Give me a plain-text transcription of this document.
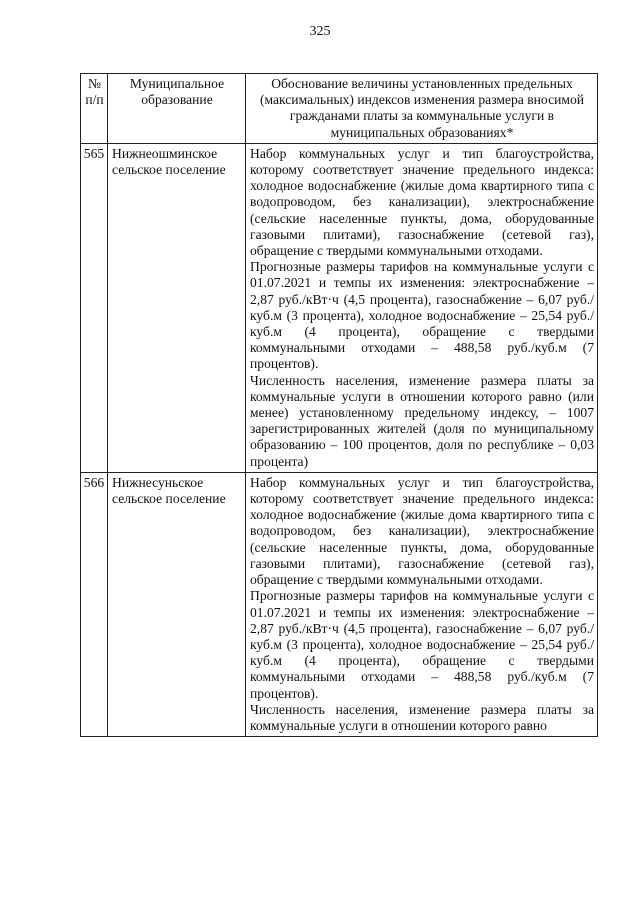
325
№ п/п	Муниципальное образование	Обоснование величины установленных предельных (максимальных) индексов изменения размера вносимой гражданами платы за коммунальные услуги в муниципальных образованиях*
565	Нижнеошминское сельское поселение	Набор коммунальных услуг и тип благоустройства, которому соответствует значение предельного индекса: холодное водоснабжение (жилые дома квартирного типа с водопроводом, без канализации), электроснабжение (сельские населенные пункты, дома, оборудованные газовыми плитами), газоснабжение (сетевой газ), обращение с твердыми коммунальными отходами.

Прогнозные размеры тарифов на коммунальные услуги с 01.07.2021 и темпы их изменения: электроснабжение – 2,87 руб./кВт·ч (4,5 процента), газоснабжение – 6,07 руб./куб.м (3 процента), холодное водоснабжение – 25,54 руб./куб.м (4 процента), обращение с твердыми коммунальными отходами – 488,58 руб./куб.м (7 процентов).

Численность населения, изменение размера платы за коммунальные услуги в отношении которого равно (или менее) установленному предельному индексу, – 1007 зарегистрированных жителей (доля по муниципальному образованию – 100 процентов, доля по республике – 0,03 процента)

566	Нижнесуньское сельское поселение	Набор коммунальных услуг и тип благоустройства, которому соответствует значение предельного индекса: холодное водоснабжение (жилые дома квартирного типа с водопроводом, без канализации), электроснабжение (сельские населенные пункты, дома, оборудованные газовыми плитами), газоснабжение (сетевой газ), обращение с твердыми коммунальными отходами.

Прогнозные размеры тарифов на коммунальные услуги с 01.07.2021 и темпы их изменения: электроснабжение – 2,87 руб./кВт·ч (4,5 процента), газоснабжение – 6,07 руб./куб.м (3 процента), холодное водоснабжение – 25,54 руб./куб.м (4 процента), обращение с твердыми коммунальными отходами – 488,58 руб./куб.м (7 процентов).

Численность населения, изменение размера платы за коммунальные услуги в отношении которого равно
